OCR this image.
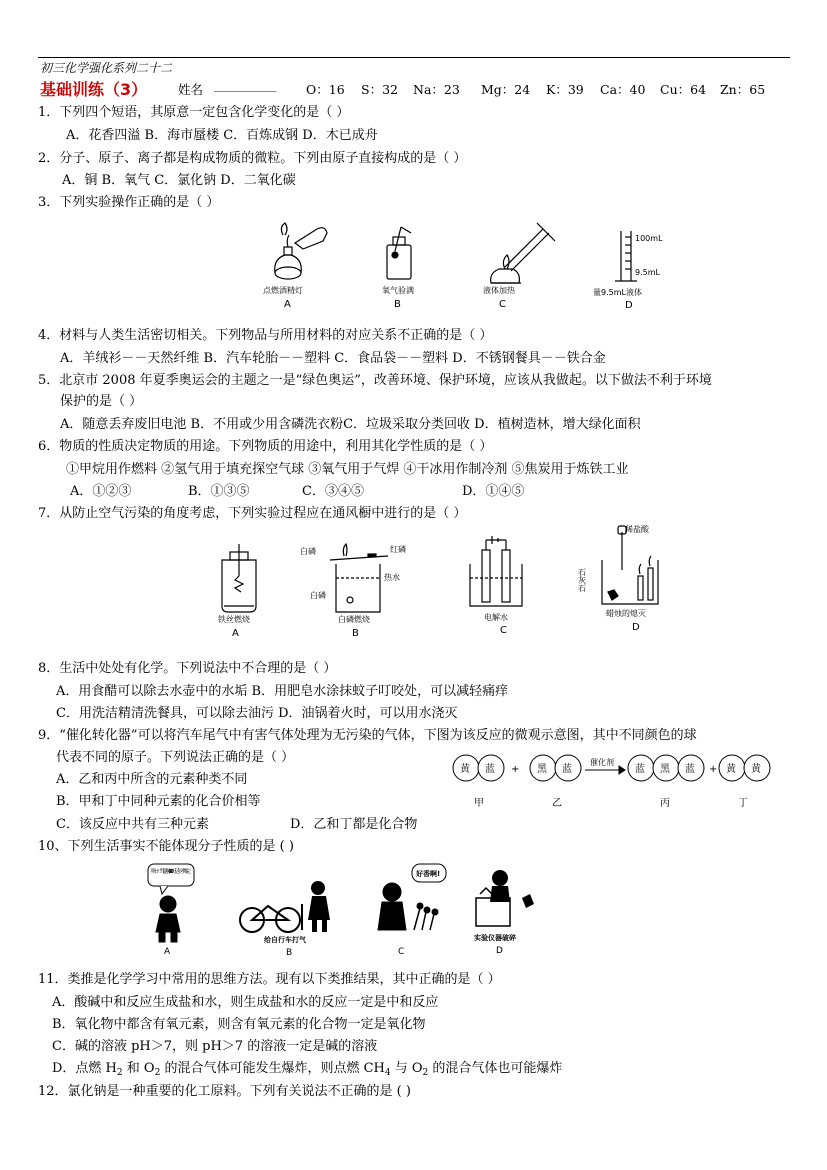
初三化学强化系列二十二
基础训练（3） 姓名 __________ O：16 S：32 Na：23 Mg：24 K：39 Ca：40 Cu：64 Zn：65
1．下列四个短语，其原意一定包含化学变化的是（ ）
A．花香四溢 B．海市蜃楼 C．百炼成钢 D．木已成舟
2．分子、原子、离子都是构成物质的微粒。下列由原子直接构成的是（ ）
A．铜 B．氧气 C．氯化钠 D．二氧化碳
3．下列实验操作正确的是（ ）
点燃酒精灯
A
氧气验满
B
液体加热
C
100mL
9.5mL
量9.5mL液体
D
4．材料与人类生活密切相关。下列物品与所用材料的对应关系不正确的是（ ）
A．羊绒衫－－天然纤维 B．汽车轮胎－－塑料 C．食品袋－－塑料 D．不锈钢餐具－－铁合金
5．北京市 2008 年夏季奥运会的主题之一是“绿色奥运”，改善环境、保护环境，应该从我做起。以下做法不利于环境
保护的是（ ）
A．随意丢弃废旧电池 B．不用或少用含磷洗衣粉C．垃圾采取分类回收 D．植树造林，增大绿化面积
6．物质的性质决定物质的用途。下列物质的用途中，利用其化学性质的是（ ）
①甲烷用作燃料 ②氢气用于填充探空气球 ③氧气用于气焊 ④干冰用作制冷剂 ⑤焦炭用于炼铁工业
A．①②③	B．①③⑤	C．③④⑤	D．①④⑤
7．从防止空气污染的角度考虑，下列实验过程应在通风橱中进行的是（ ）
铁丝燃烧
A
白磷	红磷
热水
白磷
白磷燃烧
B
电解水
C
稀盐酸
石灰石
蜡烛的熄灭
D
8．生活中处处有化学。下列说法中不合理的是（ ）
A．用食醋可以除去水壶中的水垢 B．用肥皂水涂抹蚊子叮咬处，可以减轻痛痒
C．用洗洁精清洗餐具，可以除去油污 D．油锅着火时，可以用水浇灭
9．“催化转化器”可以将汽车尾气中有害气体处理为无污染的气体，下图为该反应的微观示意图，其中不同颜色的球
代表不同的原子。下列说法正确的是（ ）
A．乙和丙中所含的元素种类不同
B．甲和丁中同种元素的化合价相等
C．该反应中共有三种元素	D．乙和丁都是化合物
黄 蓝 + 黑 蓝
催化剂
蓝 黑 蓝 + 黄 黄
甲	乙	丙	丁
10、下列生活事实不能体现分子性质的是 ( )
吸一口气能用6000万亿年才喝完
A
给自行车打气
B
好香啊!
C
实验仪器破碎
D
11．类推是化学学习中常用的思维方法。现有以下类推结果，其中正确的是（ ）
A．酸碱中和反应生成盐和水，则生成盐和水的反应一定是中和反应
B．氧化物中都含有氧元素，则含有氧元素的化合物一定是氧化物
C．碱的溶液 pH＞7，则 pH＞7 的溶液一定是碱的溶液
D．点燃 $H_2$ 和 $O_2$ 的混合气体可能发生爆炸，则点燃 $CH_4$ 与 $O_2$ 的混合气体也可能爆炸
12．氯化钠是一种重要的化工原料。下列有关说法不正确的是 ( )
